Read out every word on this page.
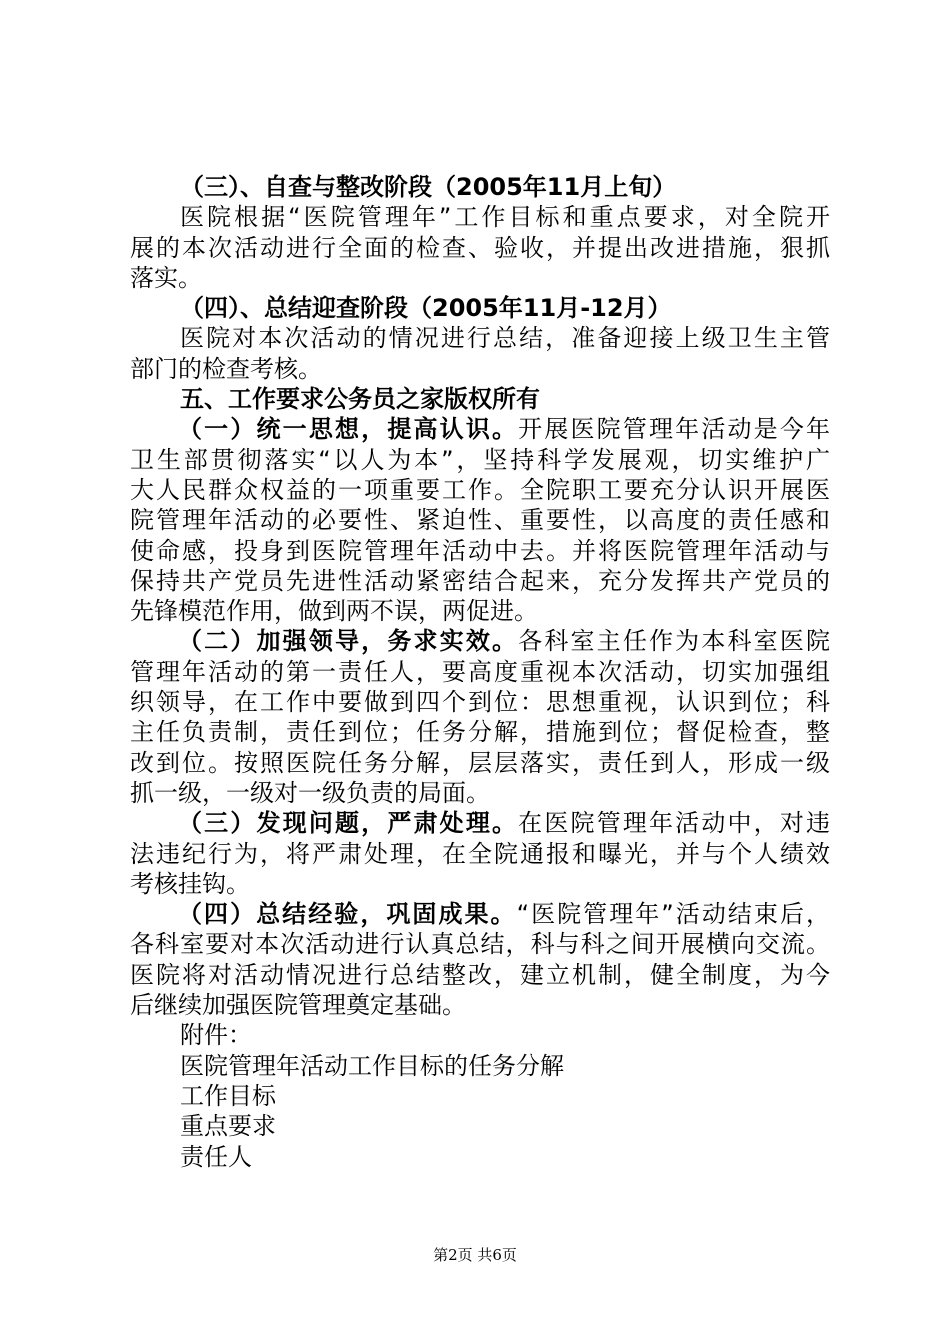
（三）、自查与整改阶段（2005年11月上旬）
医院根据“医院管理年”工作目标和重点要求，对全院开
展的本次活动进行全面的检查、验收，并提出改进措施，狠抓
落实。
（四）、总结迎查阶段（2005年11月-12月）
医院对本次活动的情况进行总结，准备迎接上级卫生主管
部门的检查考核。
五、工作要求公务员之家版权所有
（一）统一思想，提高认识。开展医院管理年活动是今年
卫生部贯彻落实“以人为本”，坚持科学发展观，切实维护广
大人民群众权益的一项重要工作。全院职工要充分认识开展医
院管理年活动的必要性、紧迫性、重要性，以高度的责任感和
使命感，投身到医院管理年活动中去。并将医院管理年活动与
保持共产党员先进性活动紧密结合起来，充分发挥共产党员的
先锋模范作用，做到两不误，两促进。
（二）加强领导，务求实效。各科室主任作为本科室医院
管理年活动的第一责任人，要高度重视本次活动，切实加强组
织领导，在工作中要做到四个到位：思想重视，认识到位；科
主任负责制，责任到位；任务分解，措施到位；督促检查，整
改到位。按照医院任务分解，层层落实，责任到人，形成一级
抓一级，一级对一级负责的局面。
（三）发现问题，严肃处理。在医院管理年活动中，对违
法违纪行为，将严肃处理，在全院通报和曝光，并与个人绩效
考核挂钩。
（四）总结经验，巩固成果。“医院管理年”活动结束后，
各科室要对本次活动进行认真总结，科与科之间开展横向交流。
医院将对活动情况进行总结整改，建立机制，健全制度，为今
后继续加强医院管理奠定基础。
附件：
医院管理年活动工作目标的任务分解
工作目标
重点要求
责任人
第2页 共6页
